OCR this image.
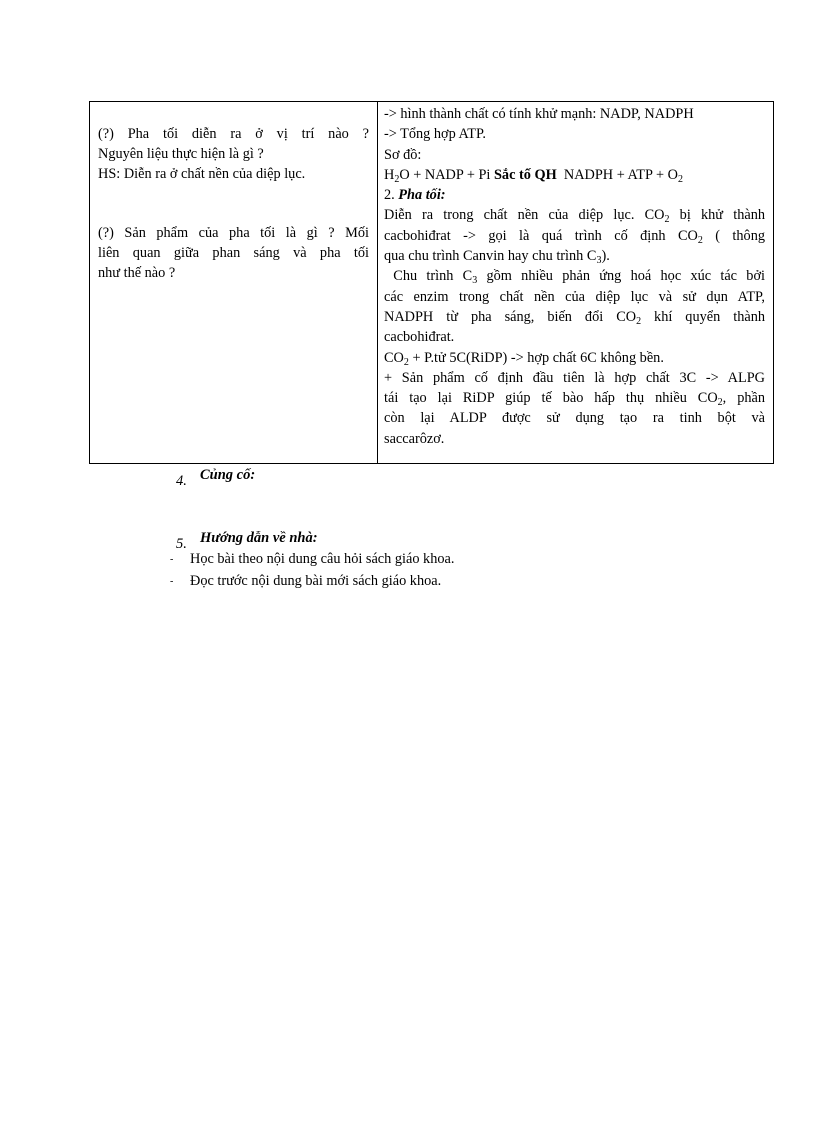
(?) Pha tối diễn ra ở vị trí nào ?
Nguyên liệu thực hiện là gì ?
HS: Diễn ra ở chất nền của diệp lục.
(?) Sản phẩm của pha tối là gì ? Mối
liên quan giữa phan sáng và pha tối
như thế nào ?
-> hình thành chất có tính khử mạnh: NADP, NADPH
-> Tổng hợp ATP.
Sơ đồ:
$H_2O$ + NADP + Pi Sắc tố QH  NADPH + ATP + $O_2$
2. Pha tối:
Diễn ra trong chất nền của diệp lục. $CO_2$ bị khử thành
cacbohiđrat -> gọi là quá trình cố định $CO_2$ ( thông
qua chu trình Canvin hay chu trình $C_3$).
Chu trình $C_3$ gồm nhiều phản ứng hoá học xúc tác bởi
các enzim trong chất nền của diệp lục và sử dụn ATP,
NADPH từ pha sáng, biến đổi $CO_2$ khí quyển thành
cacbohiđrat.
$CO_2$ + P.tử 5C(RiDP) -> hợp chất 6C không bền.
+ Sản phẩm cố định đầu tiên là hợp chất 3C -> ALPG
tái tạo lại RiDP giúp tế bào hấp thụ nhiều $CO_2$, phần
còn lại ALDP được sử dụng tạo ra tinh bột và
saccarôzơ.
4. Củng cố:
5. Hướng dẫn về nhà:
- Học bài theo nội dung câu hỏi sách giáo khoa.
- Đọc trước nội dung bài mới sách giáo khoa.
